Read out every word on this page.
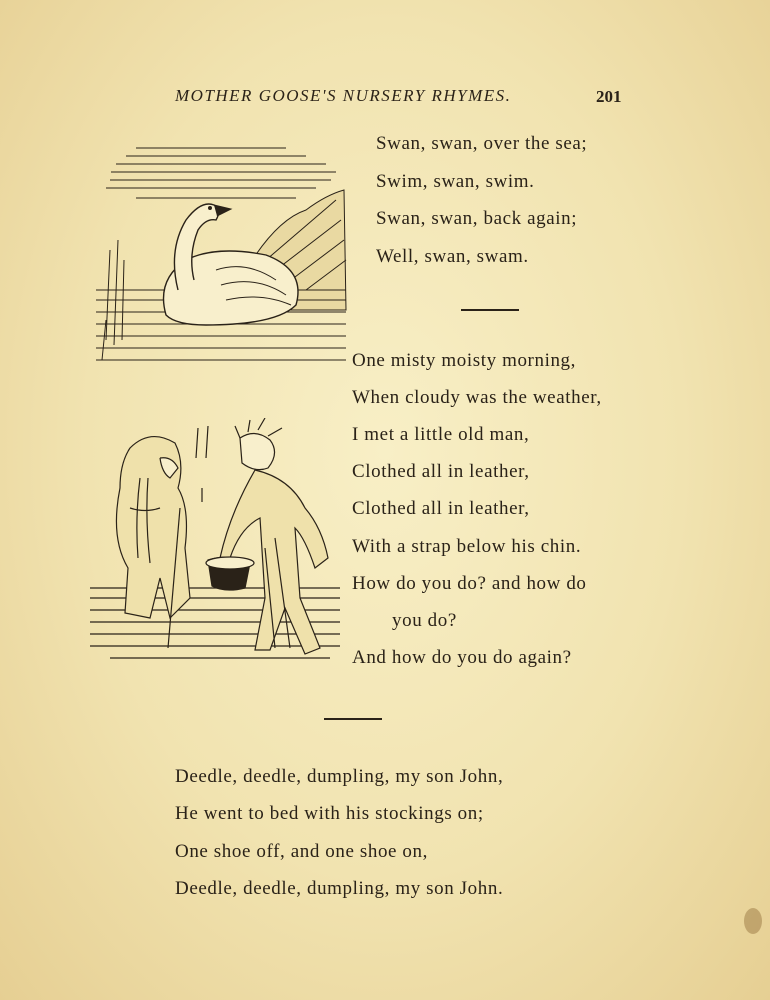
MOTHER GOOSE'S NURSERY RHYMES.	201
Swan, swan, over the sea;
Swim, swan, swim.
Swan, swan, back again;
Well, swan, swam.
One misty moisty morning,
When cloudy was the weather,
I met a little old man,
Clothed all in leather,
Clothed all in leather,
With a strap below his chin.
How do you do? and how do
you do?
And how do you do again?
Deedle, deedle, dumpling, my son John,
He went to bed with his stockings on;
One shoe off, and one shoe on,
Deedle, deedle, dumpling, my son John.
